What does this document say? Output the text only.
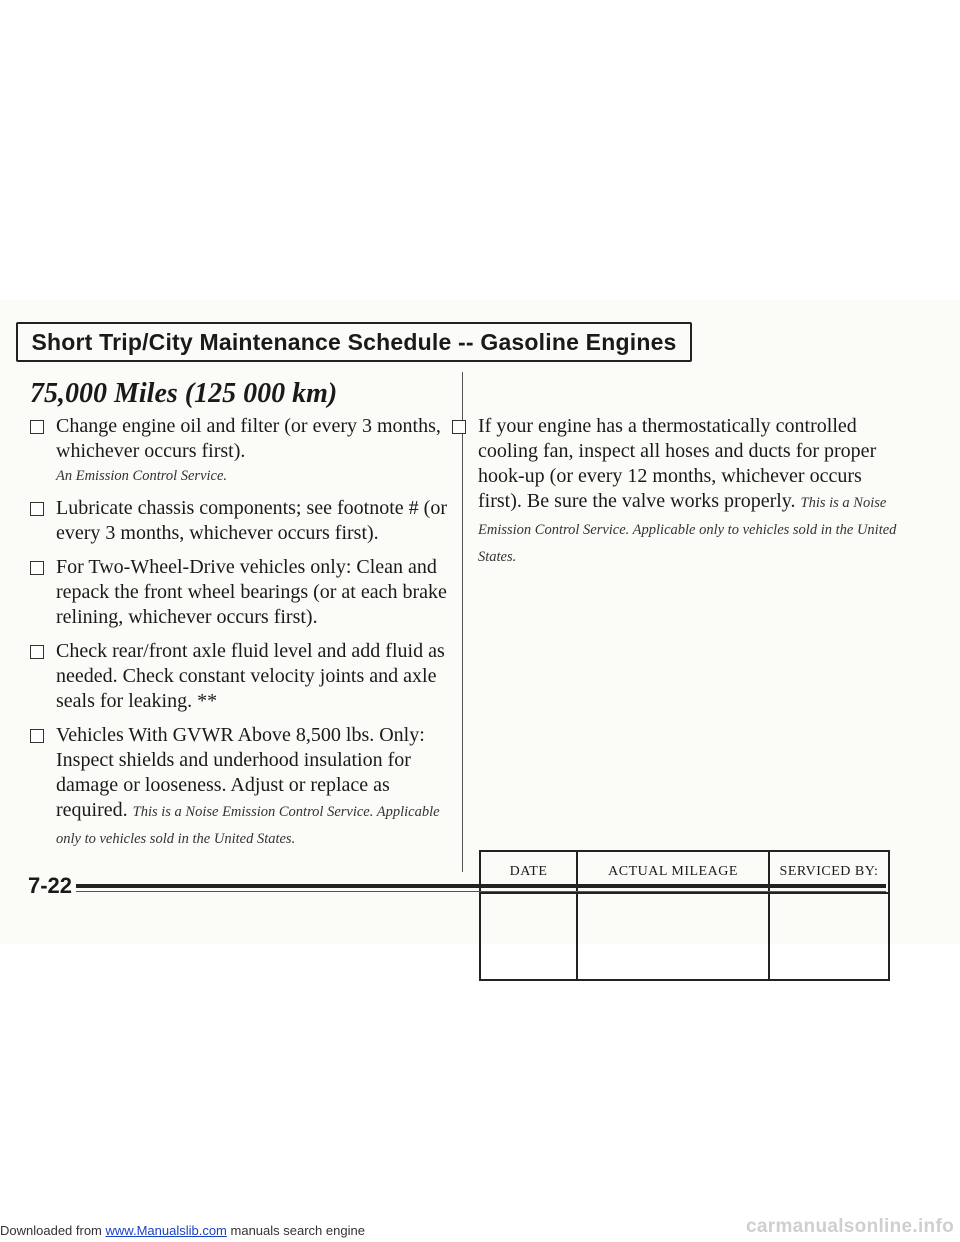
Short Trip/City Maintenance Schedule -- Gasoline Engines
75,000 Miles (125 000 km)
Change engine oil and filter (or every 3 months, whichever occurs first).
An Emission Control Service.
Lubricate chassis components; see footnote # (or every 3 months, whichever occurs first).
For Two-Wheel-Drive vehicles only: Clean and repack the front wheel bearings (or at each brake relining, whichever occurs first).
Check rear/front axle fluid level and add fluid as needed. Check constant velocity joints and axle seals for leaking. **
Vehicles With GVWR Above 8,500 lbs. Only: Inspect shields and underhood insulation for damage or looseness. Adjust or replace as required. This is a Noise Emission Control Service. Applicable only to vehicles sold in the United States.
If your engine has a thermostatically controlled cooling fan, inspect all hoses and ducts for proper hook-up (or every 12 months, whichever occurs first). Be sure the valve works properly. This is a Noise Emission Control Service. Applicable only to vehicles sold in the United States.
DATE	ACTUAL MILEAGE	SERVICED BY:

7-22
Downloaded from www.Manualslib.com manuals search engine	carmanualsonline.info
